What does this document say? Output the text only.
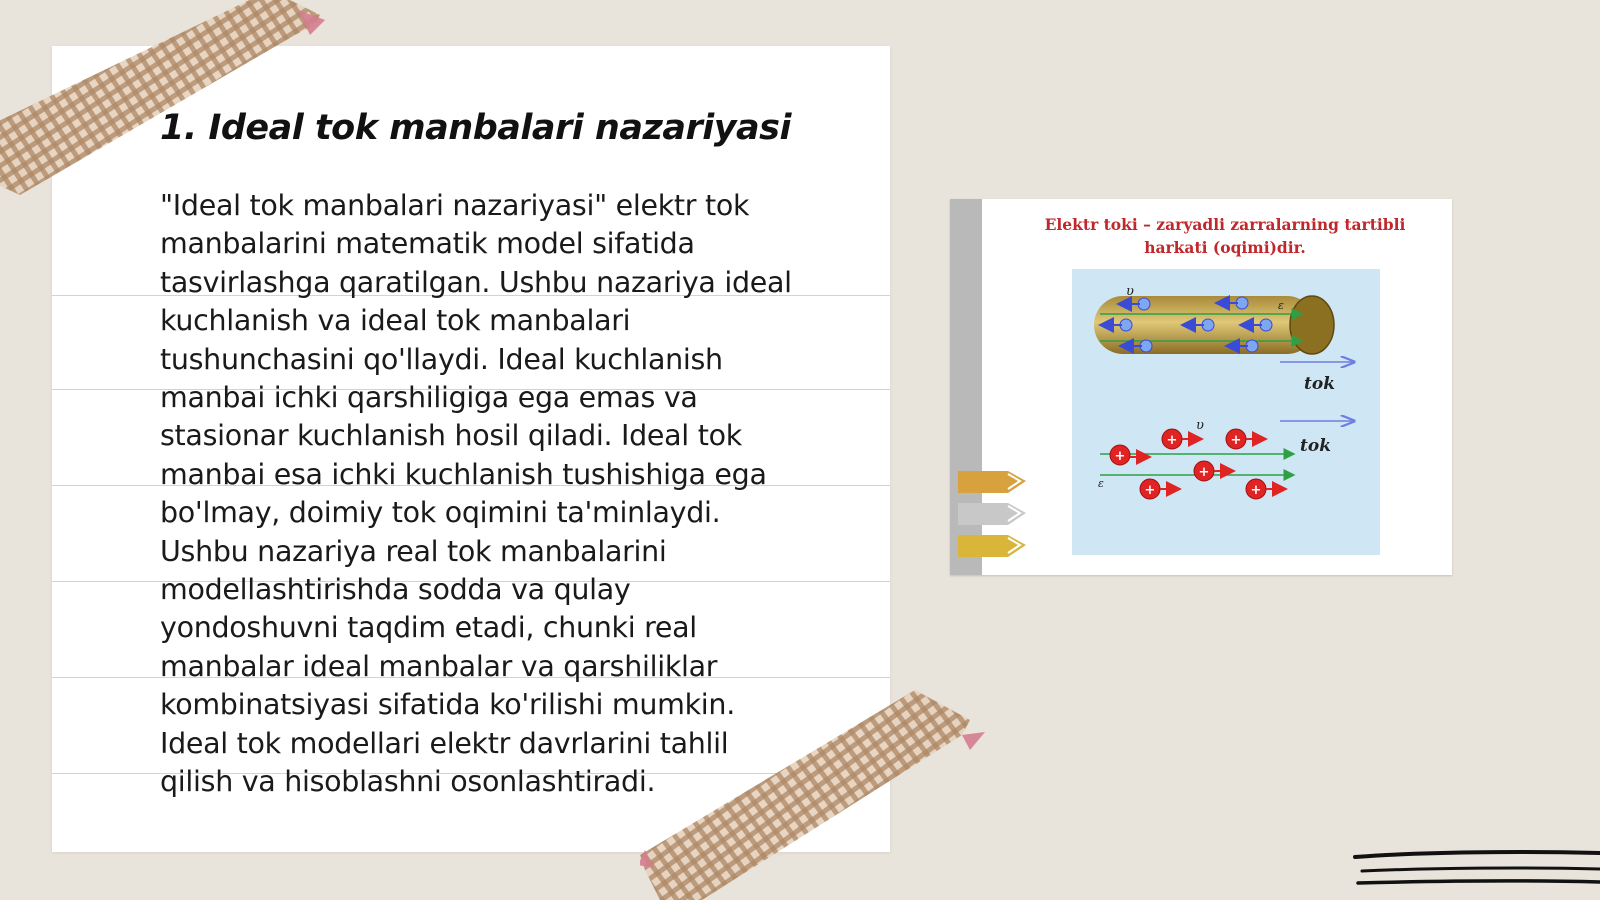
1. Ideal tok manbalari nazariyasi
"Ideal tok manbalari nazariyasi" elektr tok
manbalarini matematik model sifatida
tasvirlashga qaratilgan. Ushbu nazariya ideal
kuchlanish va ideal tok manbalari
tushunchasini qo'llaydi. Ideal kuchlanish
manbai ichki qarshiligiga ega emas va
stasionar kuchlanish hosil qiladi. Ideal tok
manbai esa ichki kuchlanish tushishiga ega
bo'lmay, doimiy tok oqimini ta'minlaydi.
Ushbu nazariya real tok manbalarini
modellashtirishda sodda va qulay
yondoshuvni taqdim etadi, chunki real
manbalar ideal manbalar va qarshiliklar
kombinatsiyasi sifatida ko'rilishi mumkin.
Ideal tok modellari elektr davrlarini tahlil
qilish va hisoblashni osonlashtiradi.

Elektr toki – zaryadli zarralarning tartibli
harkati (oqimi)dir.

υ
ε
tok
tok
+
+	+
+
+	+
υ
ε
